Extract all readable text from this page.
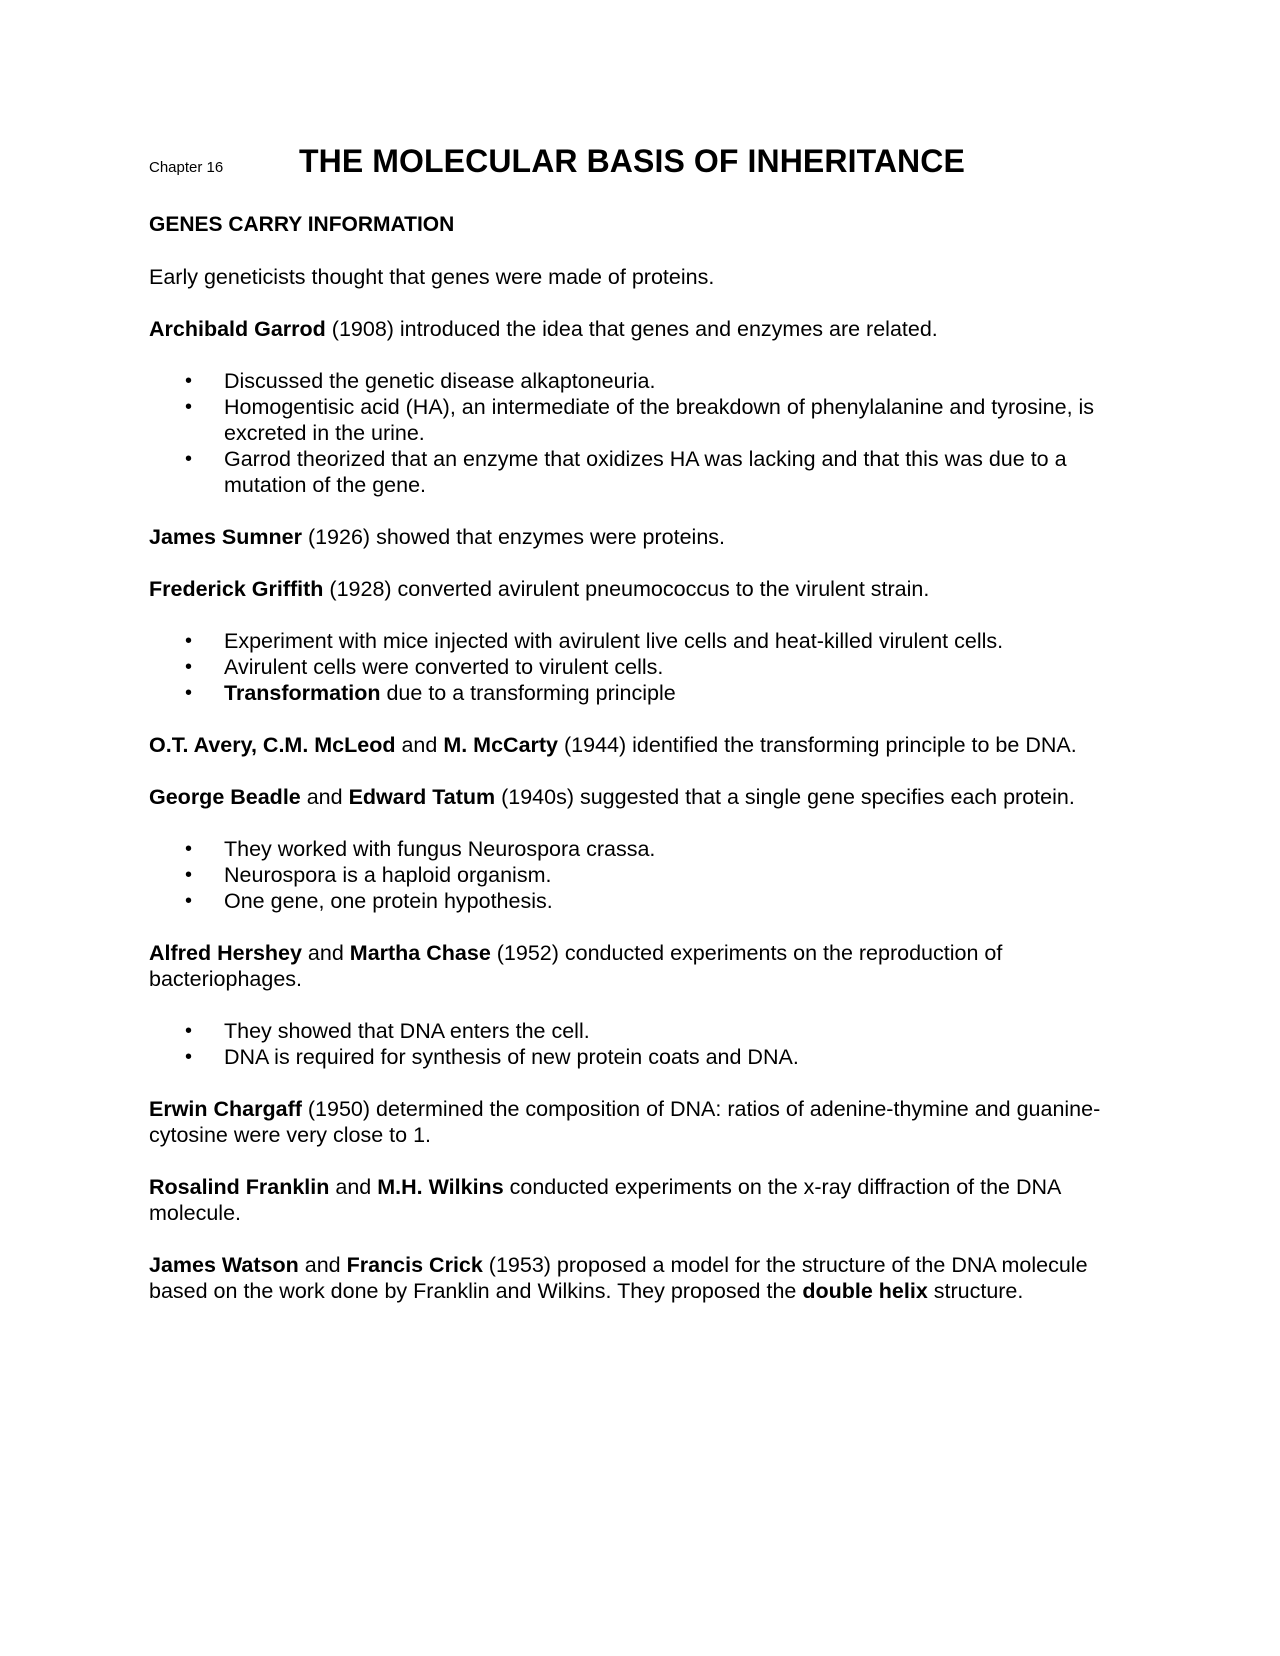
Chapter 16	THE MOLECULAR BASIS OF INHERITANCE
GENES CARRY INFORMATION

Early geneticists thought that genes were made of proteins.

Archibald Garrod (1908) introduced the idea that genes and enzymes are related.

• Discussed the genetic disease alkaptoneuria.
• Homogentisic acid (HA), an intermediate of the breakdown of phenylalanine and tyrosine, is excreted in the urine.
• Garrod theorized that an enzyme that oxidizes HA was lacking and that this was due to a mutation of the gene.

James Sumner (1926) showed that enzymes were proteins.

Frederick Griffith (1928) converted avirulent pneumococcus to the virulent strain.

• Experiment with mice injected with avirulent live cells and heat-killed virulent cells.
• Avirulent cells were converted to virulent cells.
• Transformation due to a transforming principle

O.T. Avery, C.M. McLeod and M. McCarty (1944) identified the transforming principle to be DNA.

George Beadle and Edward Tatum (1940s) suggested that a single gene specifies each protein.

• They worked with fungus Neurospora crassa.
• Neurospora is a haploid organism.
• One gene, one protein hypothesis.

Alfred Hershey and Martha Chase (1952) conducted experiments on the reproduction of bacteriophages.

• They showed that DNA enters the cell.
• DNA is required for synthesis of new protein coats and DNA.

Erwin Chargaff (1950) determined the composition of DNA: ratios of adenine-thymine and guanine-cytosine were very close to 1.

Rosalind Franklin and M.H. Wilkins conducted experiments on the x-ray diffraction of the DNA molecule.

James Watson and Francis Crick (1953) proposed a model for the structure of the DNA molecule based on the work done by Franklin and Wilkins. They proposed the double helix structure.
